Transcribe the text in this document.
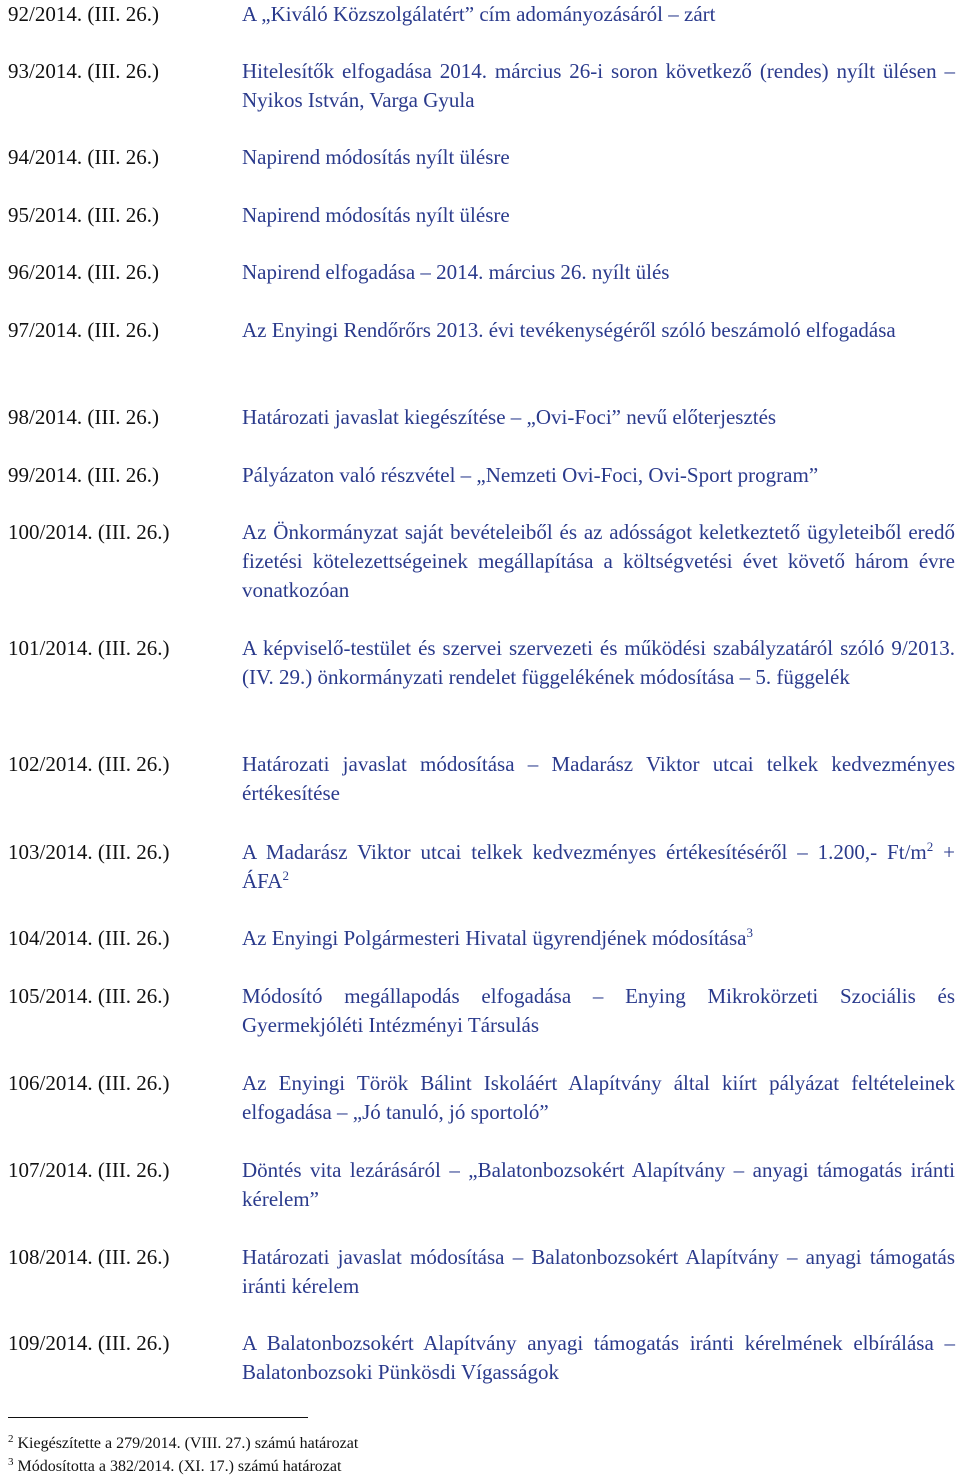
92/2014. (III. 26.)	A „Kiváló Közszolgálatért” cím adományozásáról – zárt
93/2014. (III. 26.)	Hitelesítők elfogadása 2014. március 26-i soron következő (rendes) nyílt ülésen – Nyikos István, Varga Gyula
94/2014. (III. 26.)	Napirend módosítás nyílt ülésre
95/2014. (III. 26.)	Napirend módosítás nyílt ülésre
96/2014. (III. 26.)	Napirend elfogadása – 2014. március 26. nyílt ülés
97/2014. (III. 26.)	Az Enyingi Rendőrőrs 2013. évi tevékenységéről szóló beszámoló elfogadása
98/2014. (III. 26.)	Határozati javaslat kiegészítése – „Ovi-Foci” nevű előterjesztés
99/2014. (III. 26.)	Pályázaton való részvétel – „Nemzeti Ovi-Foci, Ovi-Sport program”
100/2014. (III. 26.)	Az Önkormányzat saját bevételeiből és az adósságot keletkeztető ügyleteiből eredő fizetési kötelezettségeinek megállapítása a költségvetési évet követő három évre vonatkozóan
101/2014. (III. 26.)	A képviselő-testület és szervei szervezeti és működési szabályzatáról szóló 9/2013. (IV. 29.) önkormányzati rendelet függelékének módosítása – 5. függelék
102/2014. (III. 26.)	Határozati javaslat módosítása – Madarász Viktor utcai telkek kedvezményes értékesítése
103/2014. (III. 26.)	A Madarász Viktor utcai telkek kedvezményes értékesítéséről – 1.200,- $Ft/m^2$ + $ÁFA^2$
104/2014. (III. 26.)	Az Enyingi Polgármesteri Hivatal ügyrendjének módosítása$^3$
105/2014. (III. 26.)	Módosító megállapodás elfogadása – Enying Mikrokörzeti Szociális és Gyermekjóléti Intézményi Társulás
106/2014. (III. 26.)	Az Enyingi Török Bálint Iskoláért Alapítvány által kiírt pályázat feltételeinek elfogadása – „Jó tanuló, jó sportoló”
107/2014. (III. 26.)	Döntés vita lezárásáról – „Balatonbozsokért Alapítvány – anyagi támogatás iránti kérelem”
108/2014. (III. 26.)	Határozati javaslat módosítása – Balatonbozsokért Alapítvány – anyagi támogatás iránti kérelem
109/2014. (III. 26.)	A Balatonbozsokért Alapítvány anyagi támogatás iránti kérelmének elbírálása – Balatonbozsoki Pünkösdi Vígasságok
$^2$ Kiegészítette a 279/2014. (VIII. 27.) számú határozat
$^3$ Módosította a 382/2014. (XI. 17.) számú határozat
